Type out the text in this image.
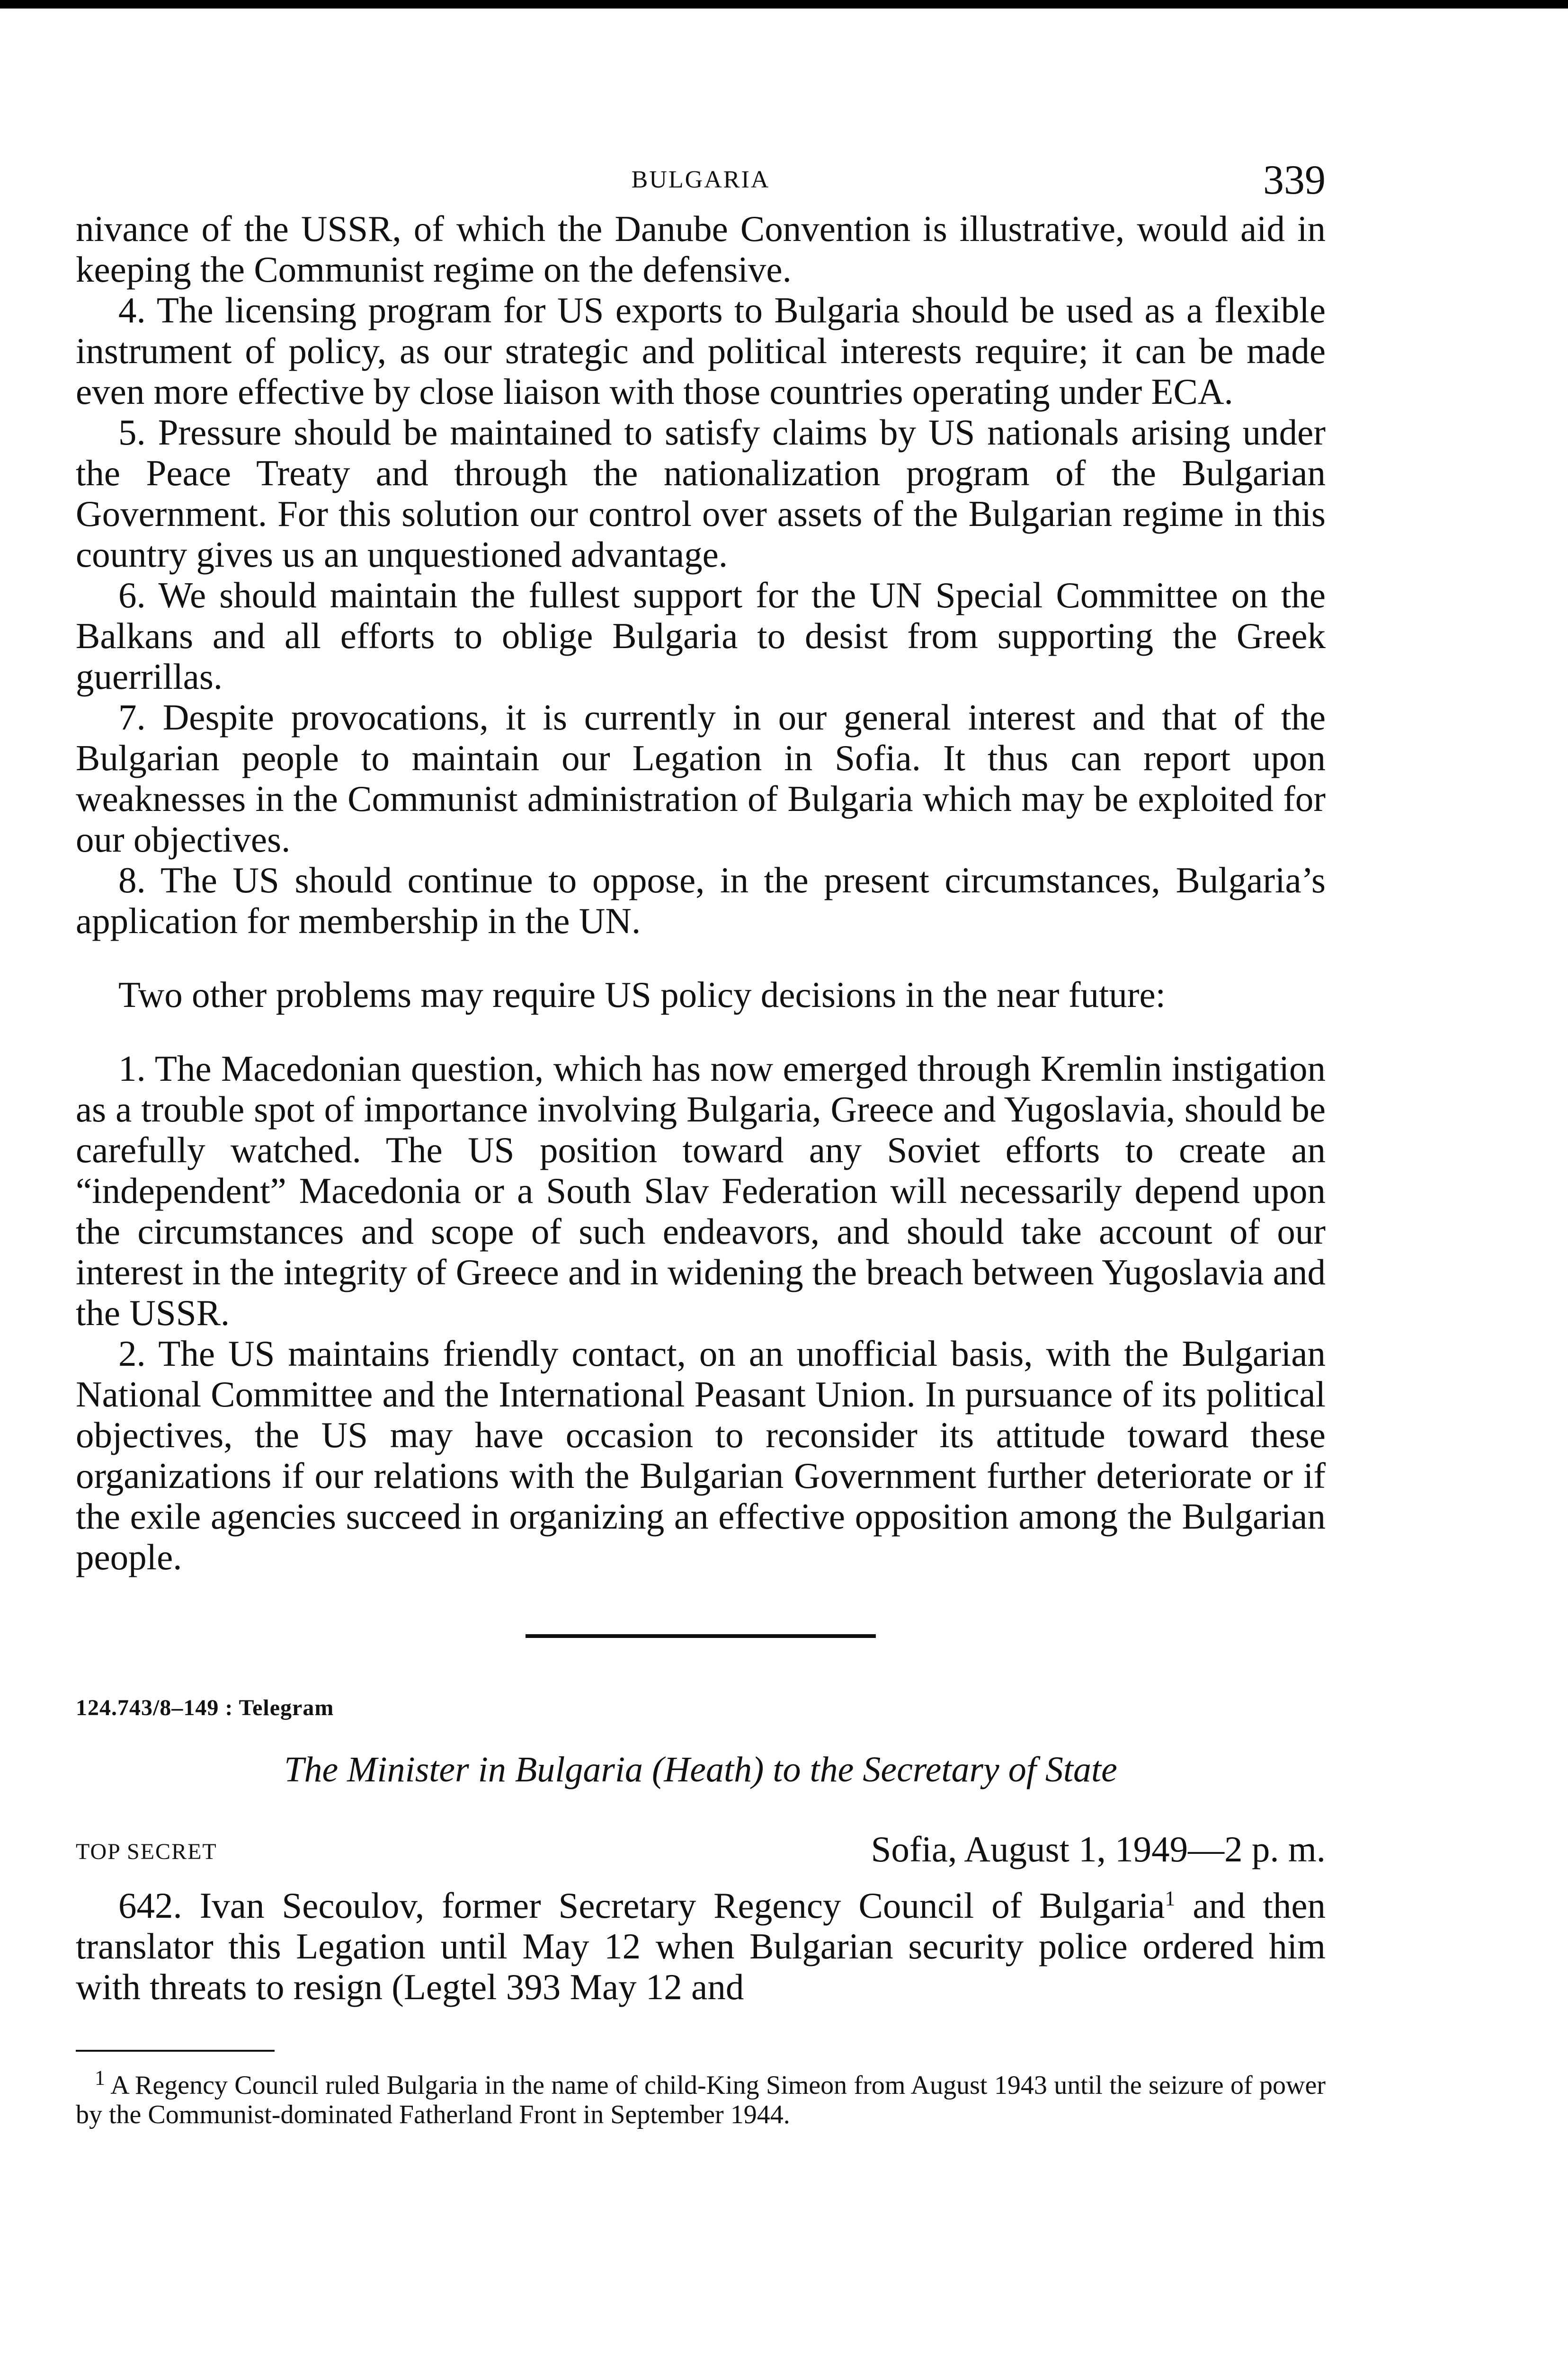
BULGARIA	339

nivance of the USSR, of which the Danube Convention is illustrative, would aid in keeping the Communist regime on the defensive.

4. The licensing program for US exports to Bulgaria should be used as a flexible instrument of policy, as our strategic and political interests require; it can be made even more effective by close liaison with those countries operating under ECA.

5. Pressure should be maintained to satisfy claims by US nationals arising under the Peace Treaty and through the nationalization program of the Bulgarian Government. For this solution our control over assets of the Bulgarian regime in this country gives us an unquestioned advantage.

6. We should maintain the fullest support for the UN Special Committee on the Balkans and all efforts to oblige Bulgaria to desist from supporting the Greek guerrillas.

7. Despite provocations, it is currently in our general interest and that of the Bulgarian people to maintain our Legation in Sofia. It thus can report upon weaknesses in the Communist administration of Bulgaria which may be exploited for our objectives.

8. The US should continue to oppose, in the present circumstances, Bulgaria’s application for membership in the UN.

Two other problems may require US policy decisions in the near future:

1. The Macedonian question, which has now emerged through Kremlin instigation as a trouble spot of importance involving Bulgaria, Greece and Yugoslavia, should be carefully watched. The US position toward any Soviet efforts to create an “independent” Macedonia or a South Slav Federation will necessarily depend upon the circumstances and scope of such endeavors, and should take account of our interest in the integrity of Greece and in widening the breach between Yugoslavia and the USSR.

2. The US maintains friendly contact, on an unofficial basis, with the Bulgarian National Committee and the International Peasant Union. In pursuance of its political objectives, the US may have occasion to reconsider its attitude toward these organizations if our relations with the Bulgarian Government further deteriorate or if the exile agencies succeed in organizing an effective opposition among the Bulgarian people.

124.743/8–149 : Telegram
The Minister in Bulgaria (Heath) to the Secretary of State
TOP SECRET	Sofia, August 1, 1949—2 p. m.
642. Ivan Secoulov, former Secretary Regency Council of Bulgaria$^1$ and then translator this Legation until May 12 when Bulgarian security police ordered him with threats to resign (Legtel 393 May 12 and
$^1$ A Regency Council ruled Bulgaria in the name of child-King Simeon from August 1943 until the seizure of power by the Communist-dominated Fatherland Front in September 1944.
